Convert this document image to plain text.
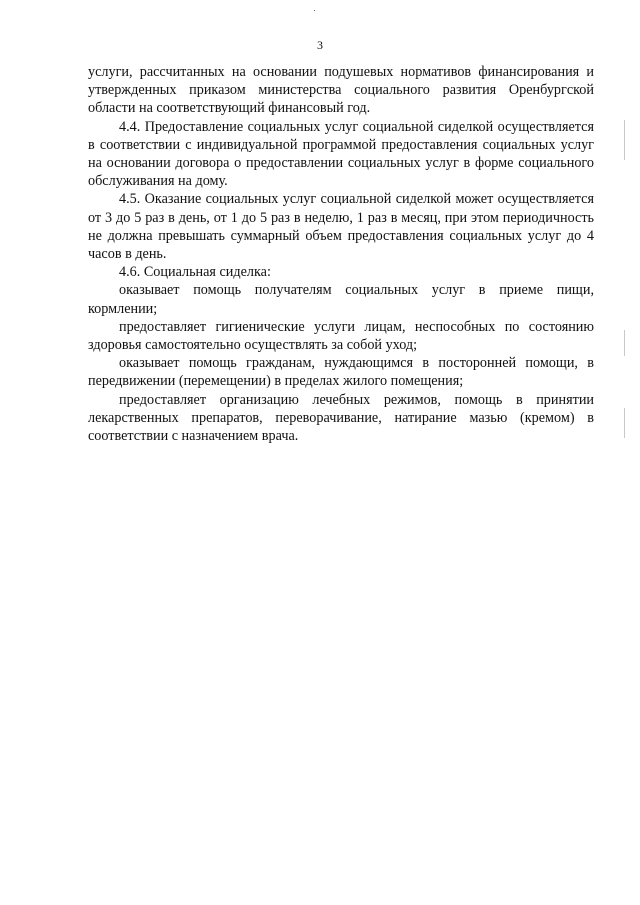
3

услуги, рассчитанных на основании подушевых нормативов финансирования и утвержденных приказом министерства социального развития Оренбургской области на соответствующий финансовый год.

4.4. Предоставление социальных услуг социальной сиделкой осуществляется в соответствии с индивидуальной программой предоставления социальных услуг на основании договора о предоставлении социальных услуг в форме социального обслуживания на дому.

4.5. Оказание социальных услуг социальной сиделкой может осуществляется от 3 до 5 раз в день, от 1 до 5 раз в неделю, 1 раз в месяц, при этом периодичность не должна превышать суммарный объем предоставления социальных услуг до 4 часов в день.

4.6. Социальная сиделка:

оказывает помощь получателям социальных услуг в приеме пищи, кормлении;

предоставляет гигиенические услуги лицам, неспособных по состоянию здоровья самостоятельно осуществлять за собой уход;

оказывает помощь гражданам, нуждающимся в посторонней помощи, в передвижении (перемещении) в пределах жилого помещения;

предоставляет организацию лечебных режимов, помощь в принятии лекарственных препаратов, переворачивание, натирание мазью (кремом) в соответствии с назначением врача.
